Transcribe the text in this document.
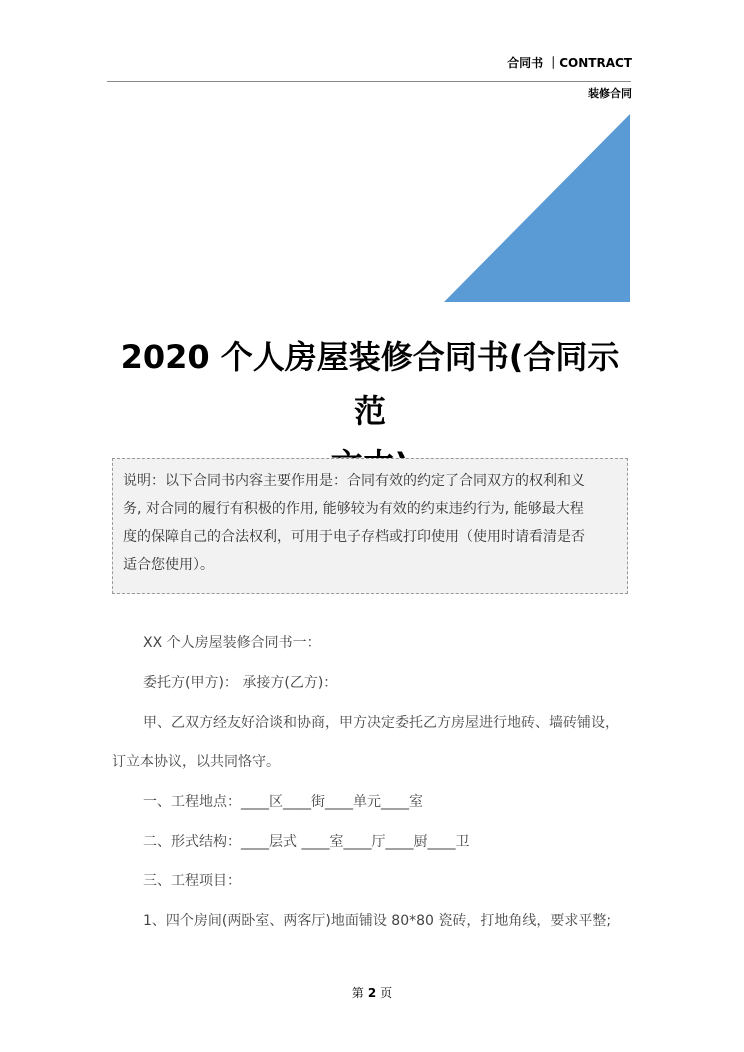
合同书 ｜CONTRACT
装修合同
2020 个人房屋装修合同书(合同示范
说明：以下合同书内容主要作用是：合同有效的约定了合同双方的权利和义
务, 对合同的履行有积极的作用, 能够较为有效的约束违约行为, 能够最大程
度的保障自己的合法权利，可用于电子存档或打印使用（使用时请看清是否
适合您使用）。
XX 个人房屋装修合同书一：
委托方(甲方)： 承接方(乙方)：
甲、乙双方经友好洽谈和协商，甲方决定委托乙方房屋进行地砖、墙砖铺设，
订立本协议，以共同恪守。
一、工程地点：____区____街____单元____室
二、形式结构：____层式 ____室____厅____厨____卫
三、工程项目：
1、四个房间(两卧室、两客厅)地面铺设 80*80 瓷砖，打地角线，要求平整;
第 2 页
